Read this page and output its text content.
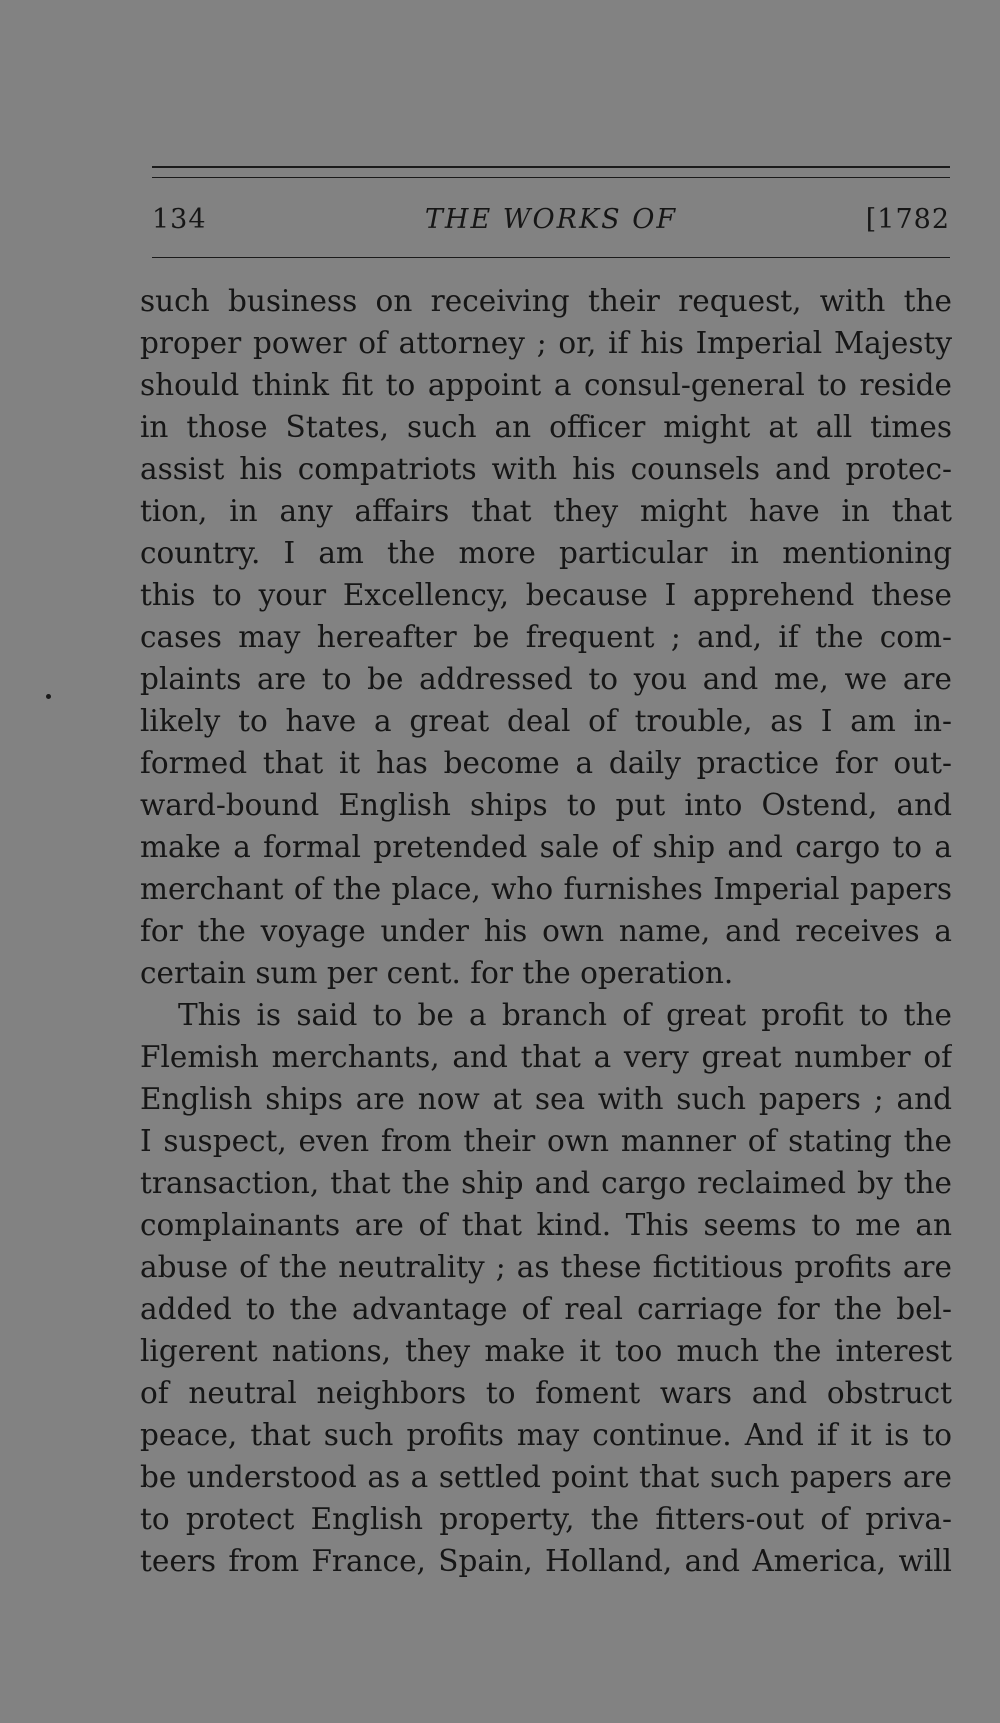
134	THE WORKS OF	[1782
such business on receiving their request, with the
proper power of attorney ; or, if his Imperial Majesty
should think fit to appoint a consul-general to reside
in those States, such an officer might at all times
assist his compatriots with his counsels and protec-
tion, in any affairs that they might have in that
country. I am the more particular in mentioning
this to your Excellency, because I apprehend these
cases may hereafter be frequent ; and, if the com-
plaints are to be addressed to you and me, we are
likely to have a great deal of trouble, as I am in-
formed that it has become a daily practice for out-
ward-bound English ships to put into Ostend, and
make a formal pretended sale of ship and cargo to a
merchant of the place, who furnishes Imperial papers
for the voyage under his own name, and receives a
certain sum per cent. for the operation.
This is said to be a branch of great profit to the
Flemish merchants, and that a very great number of
English ships are now at sea with such papers ; and
I suspect, even from their own manner of stating the
transaction, that the ship and cargo reclaimed by the
complainants are of that kind. This seems to me an
abuse of the neutrality ; as these fictitious profits are
added to the advantage of real carriage for the bel-
ligerent nations, they make it too much the interest
of neutral neighbors to foment wars and obstruct
peace, that such profits may continue. And if it is to
be understood as a settled point that such papers are
to protect English property, the fitters-out of priva-
teers from France, Spain, Holland, and America, will
